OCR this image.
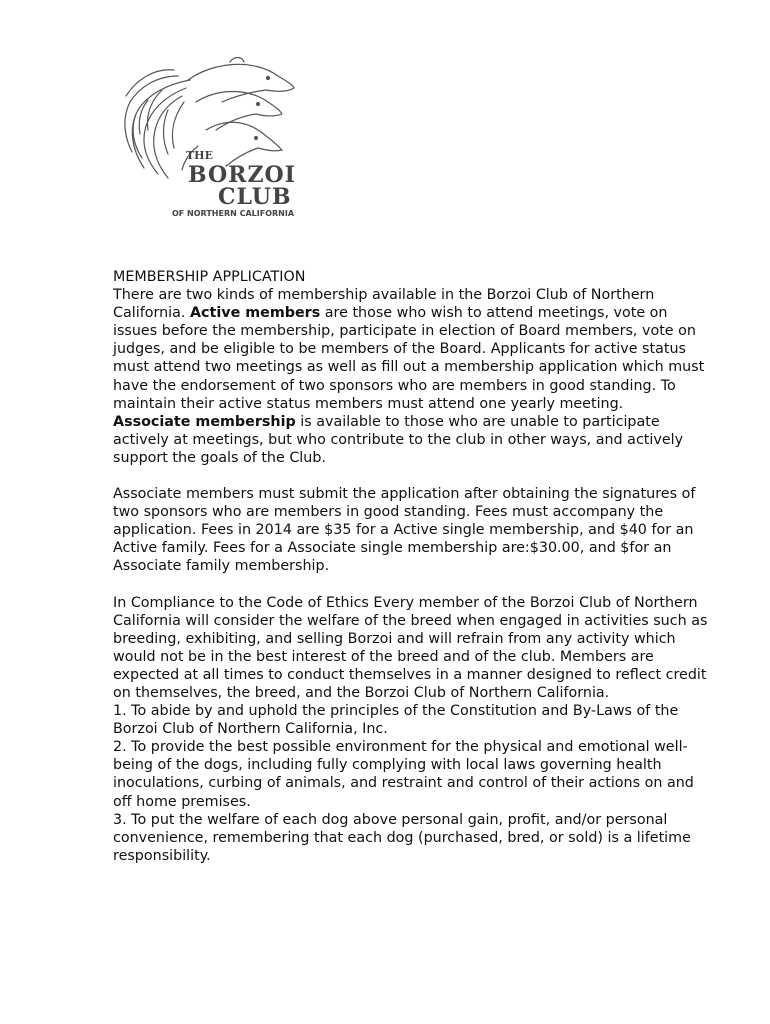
THE
BORZOI
CLUB
OF NORTHERN CALIFORNIA

MEMBERSHIP APPLICATION

There are two kinds of membership available in the Borzoi Club of Northern California. Active members are those who wish to attend meetings, vote on issues before the membership, participate in election of Board members, vote on judges, and be eligible to be members of the Board. Applicants for active status must attend two meetings as well as fill out a membership application which must have the endorsement of two sponsors who are members in good standing. To maintain their active status members must attend one yearly meeting.

Associate membership is available to those who are unable to participate actively at meetings, but who contribute to the club in other ways, and actively support the goals of the Club.

Associate members must submit the application after obtaining the signatures of two sponsors who are members in good standing. Fees must accompany the application. Fees in 2014 are $35 for a Active single membership, and $40 for an Active family. Fees for a Associate single membership are:$30.00, and $for an Associate family membership.

In Compliance to the Code of Ethics Every member of the Borzoi Club of Northern California will consider the welfare of the breed when engaged in activities such as breeding, exhibiting, and selling Borzoi and will refrain from any activity which would not be in the best interest of the breed and of the club. Members are expected at all times to conduct themselves in a manner designed to reflect credit on themselves, the breed, and the Borzoi Club of Northern California.

1. To abide by and uphold the principles of the Constitution and By-Laws of the Borzoi Club of Northern California, Inc.

2. To provide the best possible environment for the physical and emotional well-being of the dogs, including fully complying with local laws governing health inoculations, curbing of animals, and restraint and control of their actions on and off home premises.

3. To put the welfare of each dog above personal gain, profit, and/or personal convenience, remembering that each dog (purchased, bred, or sold) is a lifetime responsibility.
